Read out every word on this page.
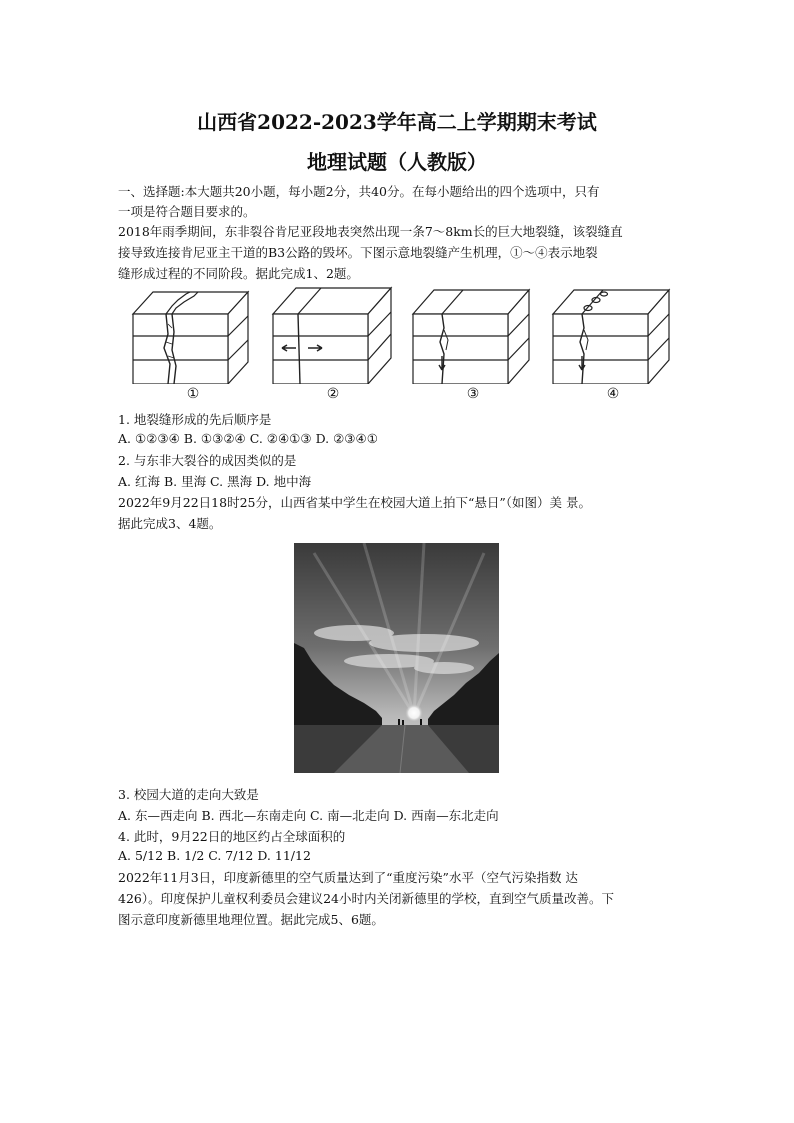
山西省2022-2023学年高二上学期期末考试
地理试题（人教版）
一、选择题:本大题共20小题，每小题2分，共40分。在每小题给出的四个选项中，只有
一项是符合题目要求的。
2018年雨季期间，东非裂谷肯尼亚段地表突然出现一条7～8km长的巨大地裂缝，该裂缝直
接导致连接肯尼亚主干道的B3公路的毁坏。下图示意地裂缝产生机理，①～④表示地裂
缝形成过程的不同阶段。据此完成1、2题。
①	②	③	④
1. 地裂缝形成的先后顺序是
A. ①②③④ B. ①③②④ C. ②④①③ D. ②③④①
2. 与东非大裂谷的成因类似的是
A. 红海 B. 里海 C. 黑海 D. 地中海
2022年9月22日18时25分，山西省某中学生在校园大道上拍下“悬日”（如图）美 景。
据此完成3、4题。
3. 校园大道的走向大致是
A. 东—西走向 B. 西北—东南走向 C. 南—北走向 D. 西南—东北走向
4. 此时，9月22日的地区约占全球面积的
A. 5/12 B. 1/2 C. 7/12 D. 11/12
2022年11月3日，印度新德里的空气质量达到了“重度污染”水平（空气污染指数 达
426）。印度保护儿童权利委员会建议24小时内关闭新德里的学校，直到空气质量改善。下
图示意印度新德里地理位置。据此完成5、6题。
